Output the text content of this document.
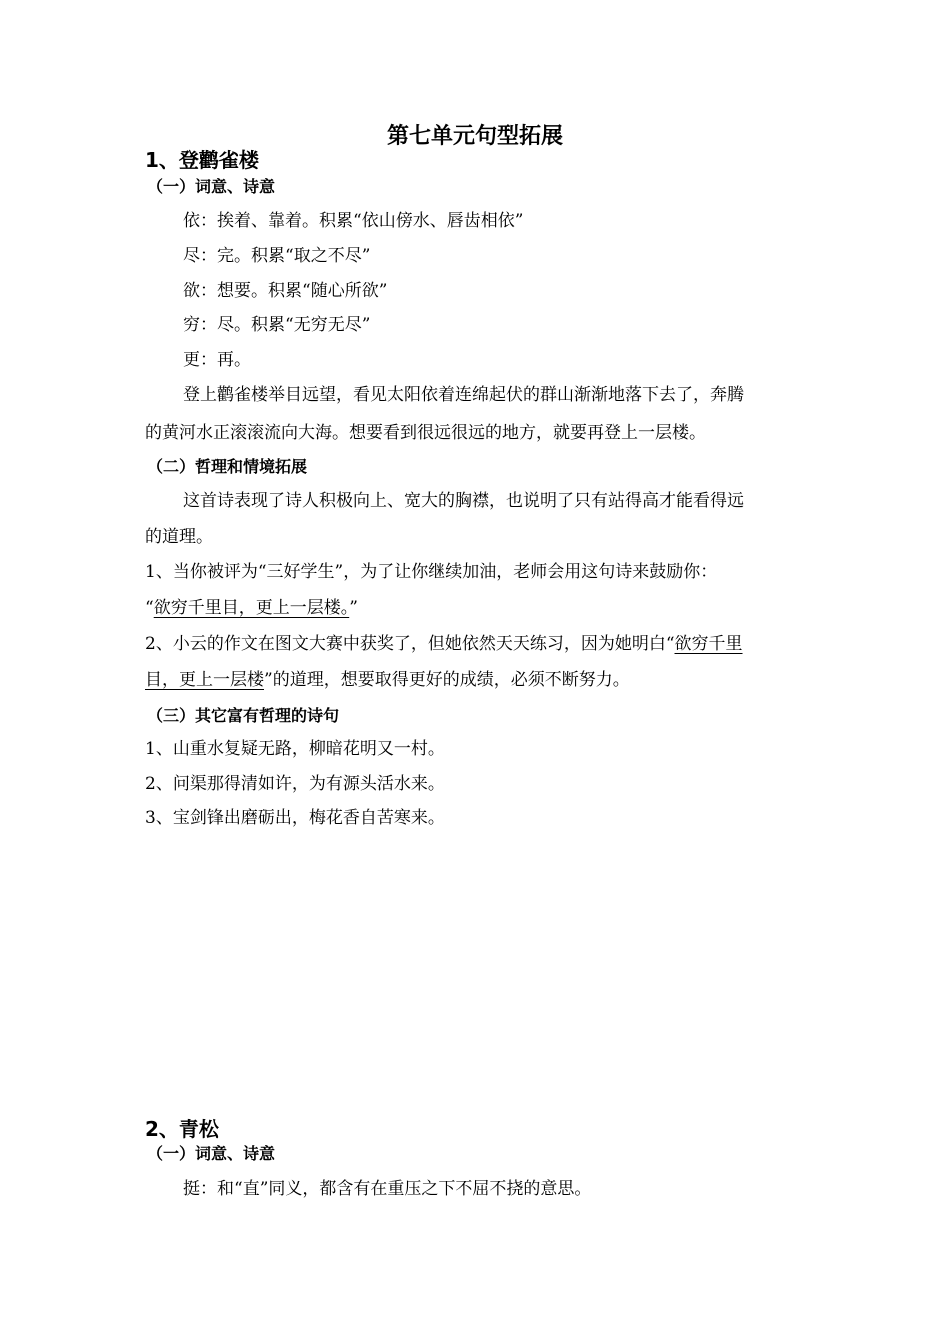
第七单元句型拓展
1、登鹳雀楼
（一）词意、诗意
依：挨着、靠着。积累“依山傍水、唇齿相依”
尽：完。积累“取之不尽”
欲：想要。积累“随心所欲”
穷：尽。积累“无穷无尽”
更：再。
登上鹳雀楼举目远望，看见太阳依着连绵起伏的群山渐渐地落下去了，奔腾
的黄河水正滚滚流向大海。想要看到很远很远的地方，就要再登上一层楼。
（二）哲理和情境拓展
这首诗表现了诗人积极向上、宽大的胸襟，也说明了只有站得高才能看得远
的道理。
1、当你被评为“三好学生”，为了让你继续加油，老师会用这句诗来鼓励你：
“欲穷千里目，更上一层楼。”
2、小云的作文在图文大赛中获奖了，但她依然天天练习，因为她明白“欲穷千里
目，更上一层楼”的道理，想要取得更好的成绩，必须不断努力。
（三）其它富有哲理的诗句
1、山重水复疑无路，柳暗花明又一村。
2、问渠那得清如许，为有源头活水来。
3、宝剑锋出磨砺出，梅花香自苦寒来。
2、青松
（一）词意、诗意
挺：和“直”同义，都含有在重压之下不屈不挠的意思。
